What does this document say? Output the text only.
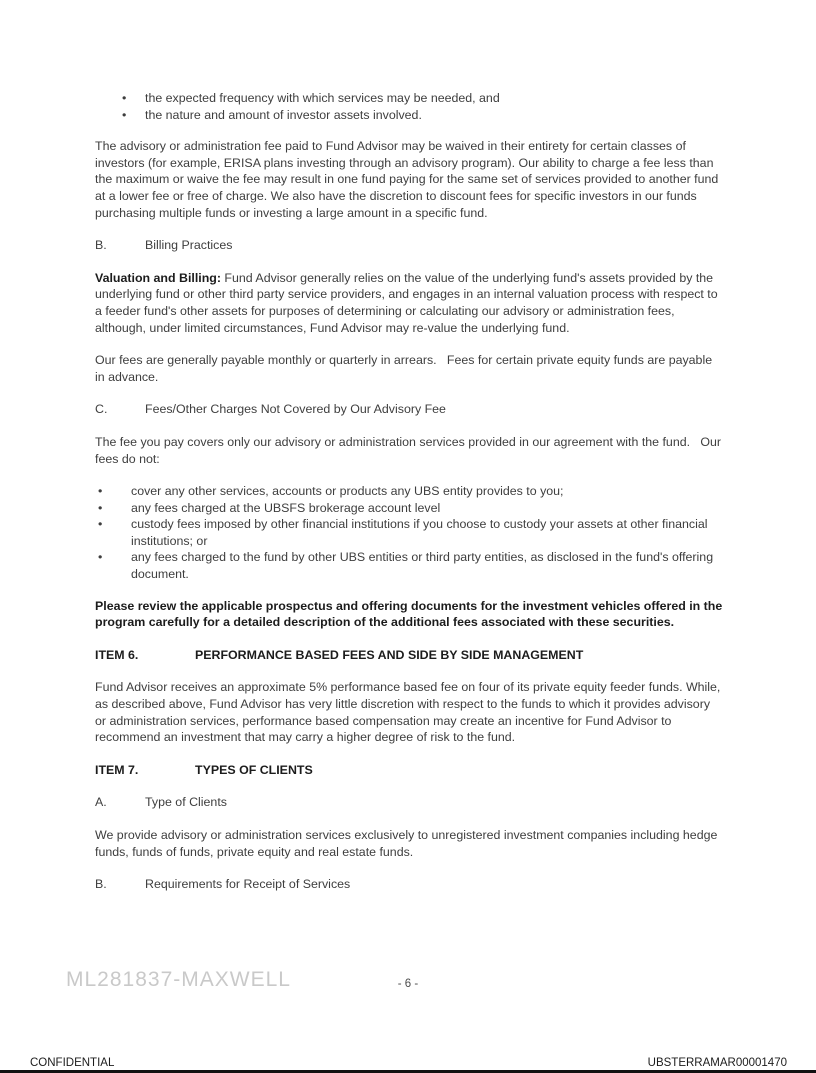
• the expected frequency with which services may be needed, and
• the nature and amount of investor assets involved.

The advisory or administration fee paid to Fund Advisor may be waived in their entirety for certain classes of investors (for example, ERISA plans investing through an advisory program). Our ability to charge a fee less than the maximum or waive the fee may result in one fund paying for the same set of services provided to another fund at a lower fee or free of charge. We also have the discretion to discount fees for specific investors in our funds purchasing multiple funds or investing a large amount in a specific fund.

B.	Billing Practices

Valuation and Billing: Fund Advisor generally relies on the value of the underlying fund's assets provided by the underlying fund or other third party service providers, and engages in an internal valuation process with respect to a feeder fund's other assets for purposes of determining or calculating our advisory or administration fees, although, under limited circumstances, Fund Advisor may re-value the underlying fund.

Our fees are generally payable monthly or quarterly in arrears.   Fees for certain private equity funds are payable in advance.

C.	Fees/Other Charges Not Covered by Our Advisory Fee

The fee you pay covers only our advisory or administration services provided in our agreement with the fund.   Our fees do not:

• cover any other services, accounts or products any UBS entity provides to you;
• any fees charged at the UBSFS brokerage account level
• custody fees imposed by other financial institutions if you choose to custody your assets at other financial institutions; or
• any fees charged to the fund by other UBS entities or third party entities, as disclosed in the fund's offering document.

Please review the applicable prospectus and offering documents for the investment vehicles offered in the program carefully for a detailed description of the additional fees associated with these securities.

ITEM 6.	PERFORMANCE BASED FEES AND SIDE BY SIDE MANAGEMENT

Fund Advisor receives an approximate 5% performance based fee on four of its private equity feeder funds. While, as described above, Fund Advisor has very little discretion with respect to the funds to which it provides advisory or administration services, performance based compensation may create an incentive for Fund Advisor to recommend an investment that may carry a higher degree of risk to the fund.

ITEM 7.	TYPES OF CLIENTS
A.	Type of Clients

We provide advisory or administration services exclusively to unregistered investment companies including hedge funds, funds of funds, private equity and real estate funds.

B.	Requirements for Receipt of Services
ML281837-MAXWELL	- 6 -
CONFIDENTIAL	UBSTERRAMAR00001470
